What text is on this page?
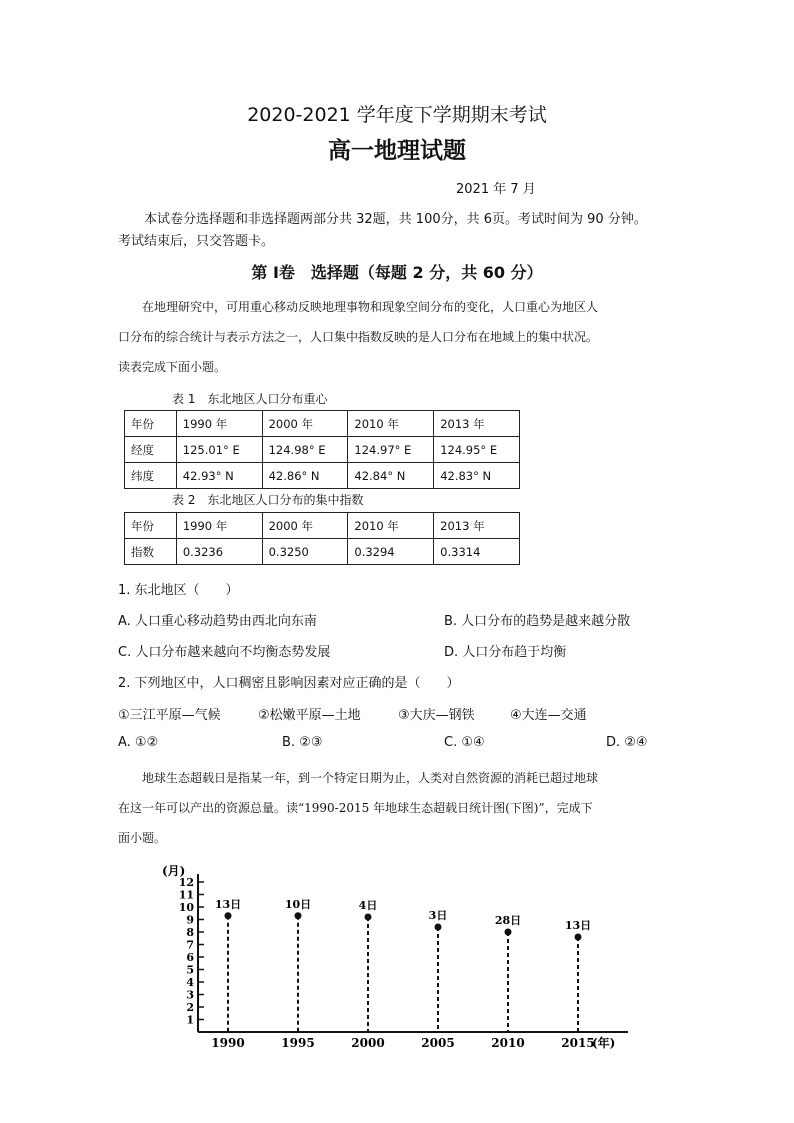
2020-2021 学年度下学期期末考试
高一地理试题
2021 年 7 月

本试卷分选择题和非选择题两部分共 32题，共 100分，共 6页。考试时间为 90 分钟。

考试结束后，只交答题卡。

第 Ⅰ卷　选择题（每题 2 分，共 60 分）

在地理研究中，可用重心移动反映地理事物和现象空间分布的变化，人口重心为地区人

口分布的综合统计与表示方法之一，人口集中指数反映的是人口分布在地域上的集中状况。

读表完成下面小题。

表 1　东北地区人口分布重心
年份	1990 年	2000 年	2010 年	2013 年
经度	125.01° E	124.98° E	124.97° E	124.95° E
纬度	42.93° N	42.86° N	42.84° N	42.83° N
表 2　东北地区人口分布的集中指数
年份	1990 年	2000 年	2010 年	2013 年
指数	0.3236	0.3250	0.3294	0.3314
1. 东北地区（　　）
A. 人口重心移动趋势由西北向东南	B. 人口分布的趋势是越来越分散
C. 人口分布越来越向不均衡态势发展	D. 人口分布趋于均衡
2. 下列地区中，人口稠密且影响因素对应正确的是（　　）
①三江平原—气候	②松嫩平原—土地	③大庆—钢铁	④大连—交通
A. ①②	B. ②③	C. ①④	D. ②④

地球生态超载日是指某一年，到一个特定日期为止，人类对自然资源的消耗已超过地球

在这一年可以产出的资源总量。读“1990-2015 年地球生态超载日统计图(下图)”，完成下

面小题。

(月)
1
2
3
4
5
6
7
8
9
10
11
12
13日	10日	4日
3日	28日	13日
1990	1995	2000	2005	2010	2015
(年)
